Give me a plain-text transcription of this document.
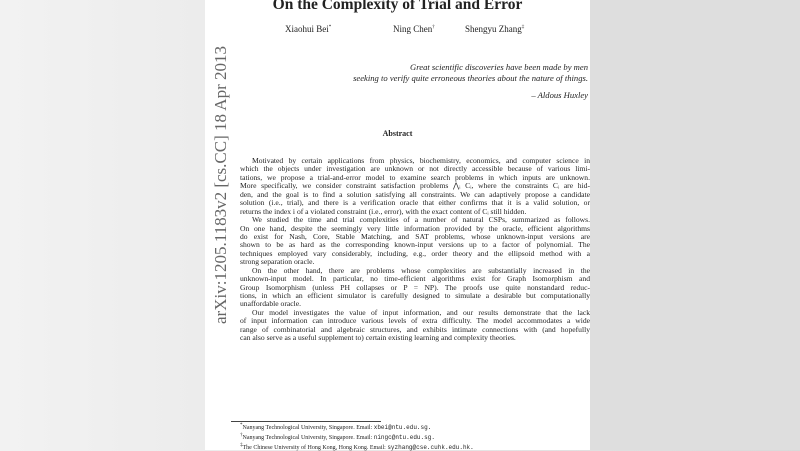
On the Complexity of Trial and Error
Xiaohui Bei*	Ning Chen†	Shengyu Zhang‡
Great scientific discoveries have been made by men
seeking to verify quite erroneous theories about the nature of things.
– Aldous Huxley
arXiv:1205.1183v2 [cs.CC] 18 Apr 2013	Abstract
Motivated by certain applications from physics, biochemistry, economics, and computer science in
which the objects under investigation are unknown or not directly accessible because of various limi-
tations, we propose a trial-and-error model to examine search problems in which inputs are unknown.
More specifically, we consider constraint satisfaction problems ⋀ᵢ Cᵢ, where the constraints Cᵢ are hid-
den, and the goal is to find a solution satisfying all constraints. We can adaptively propose a candidate
solution (i.e., trial), and there is a verification oracle that either confirms that it is a valid solution, or
returns the index i of a violated constraint (i.e., error), with the exact content of Cᵢ still hidden.
We studied the time and trial complexities of a number of natural CSPs, summarized as follows.
On one hand, despite the seemingly very little information provided by the oracle, efficient algorithms
do exist for Nash, Core, Stable Matching, and SAT problems, whose unknown-input versions are
shown to be as hard as the corresponding known-input versions up to a factor of polynomial. The
techniques employed vary considerably, including, e.g., order theory and the ellipsoid method with a
strong separation oracle.
On the other hand, there are problems whose complexities are substantially increased in the
unknown-input model. In particular, no time-efficient algorithms exist for Graph Isomorphism and
Group Isomorphism (unless PH collapses or P = NP). The proofs use quite nonstandard reduc-
tions, in which an efficient simulator is carefully designed to simulate a desirable but computationally
unaffordable oracle.
Our model investigates the value of input information, and our results demonstrate that the lack
of input information can introduce various levels of extra difficulty. The model accommodates a wide
range of combinatorial and algebraic structures, and exhibits intimate connections with (and hopefully
can also serve as a useful supplement to) certain existing learning and complexity theories.
*Nanyang Technological University, Singapore. Email: xbei@ntu.edu.sg.
†Nanyang Technological University, Singapore. Email: ningc@ntu.edu.sg.
‡The Chinese University of Hong Kong, Hong Kong. Email: syzhang@cse.cuhk.edu.hk.
